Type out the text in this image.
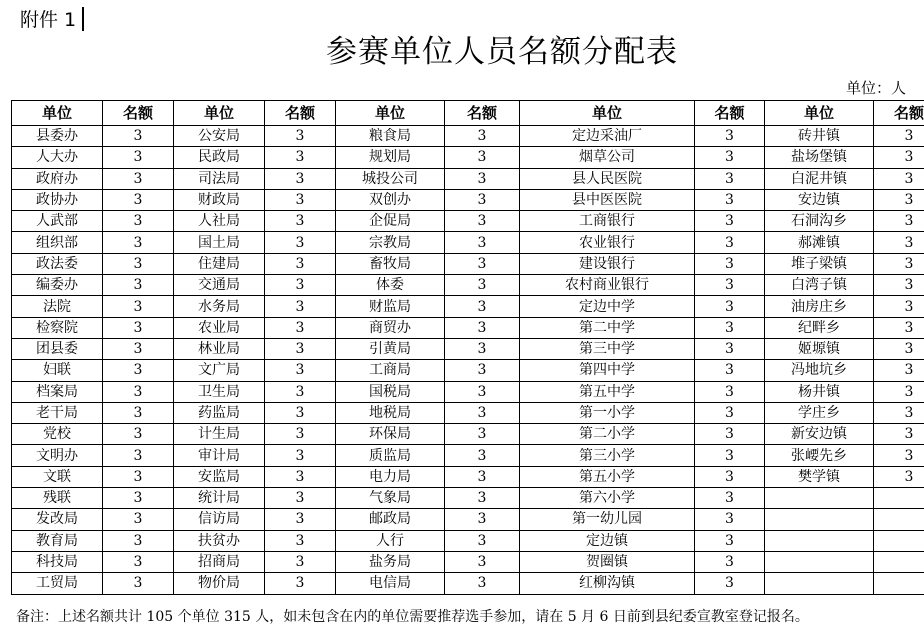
附件 1
参赛单位人员名额分配表
单位：人
单位	名额	单位	名额	单位	名额	单位	名额	单位	名额
县委办	3	公安局	3	粮食局	3	定边采油厂	3	砖井镇	3
人大办	3	民政局	3	规划局	3	烟草公司	3	盐场堡镇	3
政府办	3	司法局	3	城投公司	3	县人民医院	3	白泥井镇	3
政协办	3	财政局	3	双创办	3	县中医医院	3	安边镇	3
人武部	3	人社局	3	企促局	3	工商银行	3	石洞沟乡	3
组织部	3	国土局	3	宗教局	3	农业银行	3	郝滩镇	3
政法委	3	住建局	3	畜牧局	3	建设银行	3	堆子梁镇	3
编委办	3	交通局	3	体委	3	农村商业银行	3	白湾子镇	3
法院	3	水务局	3	财监局	3	定边中学	3	油房庄乡	3
检察院	3	农业局	3	商贸办	3	第二中学	3	纪畔乡	3
团县委	3	林业局	3	引黄局	3	第三中学	3	姬塬镇	3
妇联	3	文广局	3	工商局	3	第四中学	3	冯地坑乡	3
档案局	3	卫生局	3	国税局	3	第五中学	3	杨井镇	3
老干局	3	药监局	3	地税局	3	第一小学	3	学庄乡	3
党校	3	计生局	3	环保局	3	第二小学	3	新安边镇	3
文明办	3	审计局	3	质监局	3	第三小学	3	张崾先乡	3
文联	3	安监局	3	电力局	3	第五小学	3	樊学镇	3
残联	3	统计局	3	气象局	3	第六小学	3		
发改局	3	信访局	3	邮政局	3	第一幼儿园	3		
教育局	3	扶贫办	3	人行	3	定边镇	3		
科技局	3	招商局	3	盐务局	3	贺圈镇	3		
工贸局	3	物价局	3	电信局	3	红柳沟镇	3		
备注：上述名额共计 105 个单位 315 人，如未包含在内的单位需要推荐选手参加，请在 5 月 6 日前到县纪委宣教室登记报名。
